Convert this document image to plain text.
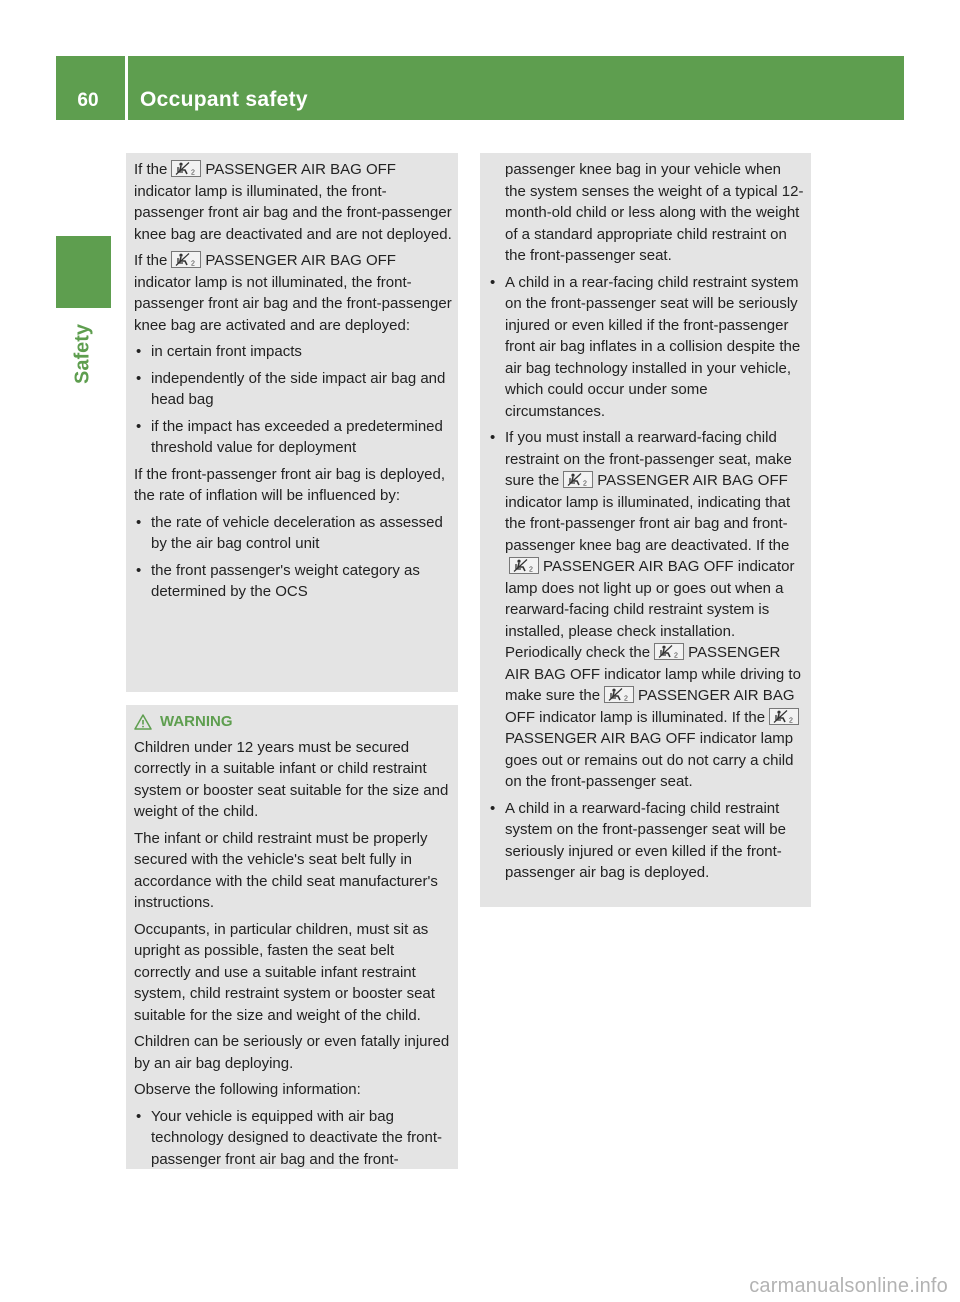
60	Occupant safety
Safety

If the	PASSENGER AIR BAG OFF indicator lamp is illuminated, the front-passenger front air bag and the front-passenger knee bag are deactivated and are not deployed.

If the	PASSENGER AIR BAG OFF indicator lamp is not illuminated, the front-passenger front air bag and the front-passenger knee bag are activated and are deployed:

• in certain front impacts
• independently of the side impact air bag and head bag
• if the impact has exceeded a predetermined threshold value for deployment

If the front-passenger front air bag is deployed, the rate of inflation will be influenced by:

• the rate of vehicle deceleration as assessed by the air bag control unit
• the front passenger's weight category as determined by the OCS
WARNING

Children under 12 years must be secured correctly in a suitable infant or child restraint system or booster seat suitable for the size and weight of the child.

The infant or child restraint must be properly secured with the vehicle's seat belt fully in accordance with the child seat manufacturer's instructions.

Occupants, in particular children, must sit as upright as possible, fasten the seat belt correctly and use a suitable infant restraint system, child restraint system or booster seat suitable for the size and weight of the child.

Children can be seriously or even fatally injured by an air bag deploying.

Observe the following information:

• Your vehicle is equipped with air bag technology designed to deactivate the front-passenger front air bag and the front-

passenger knee bag in your vehicle when the system senses the weight of a typical 12-month-old child or less along with the weight of a standard appropriate child restraint on the front-passenger seat.

• A child in a rear-facing child restraint system on the front-passenger seat will be seriously injured or even killed if the front-passenger front air bag inflates in a collision despite the air bag technology installed in your vehicle, which could occur under some circumstances.
• If you must install a rearward-facing child restraint on the front-passenger seat, make sure the	PASSENGER AIR BAG OFF indicator lamp is illuminated, indicating that the front-passenger front air bag and front-passenger knee bag are deactivated. If the
PASSENGER AIR BAG OFF indicator lamp does not light up or goes out when a rearward-facing child restraint system is installed, please check installation. Periodically check the	PASSENGER AIR BAG OFF indicator lamp while driving to make sure the	PASSENGER AIR BAG OFF indicator lamp is illuminated. If the
PASSENGER AIR BAG OFF indicator lamp goes out or remains out do not carry a child on the front-passenger seat.
• A child in a rearward-facing child restraint system on the front-passenger seat will be seriously injured or even killed if the front-passenger air bag is deployed.
carmanualsonline.info
